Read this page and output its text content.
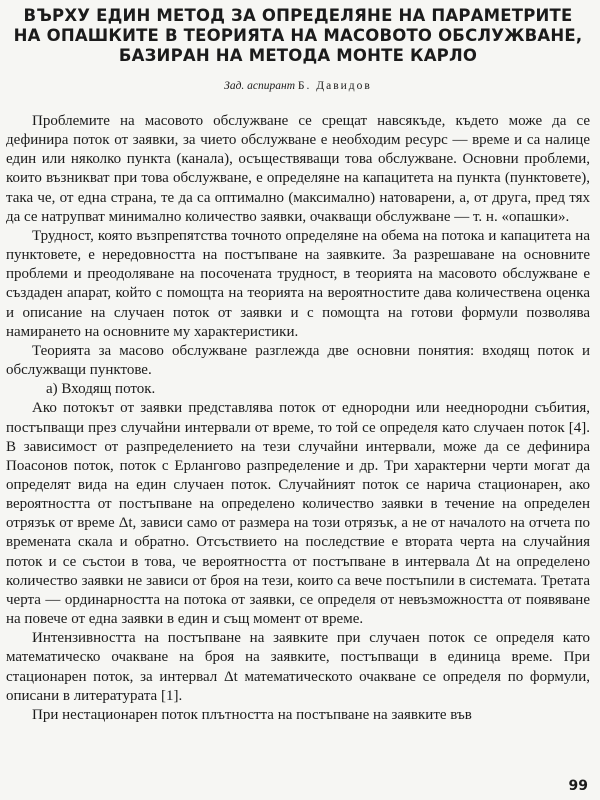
ВЪРХУ ЕДИН МЕТОД ЗА ОПРЕДЕЛЯНЕ НА ПАРАМЕТРИТЕ
НА ОПАШКИТЕ В ТЕОРИЯТА НА МАСОВОТО ОБСЛУЖВАНЕ,
БАЗИРАН НА МЕТОДА МОНТЕ КАРЛО
Зад. аспирант Б. Давидов

Проблемите на масовото обслужване се срещат навсякъде, където може да се дефинира поток от заявки, за чието обслужване е необходим ресурс — време и са налице един или няколко пункта (канала), осъществяващи това обслужване. Основни проблеми, които възникват при това обслужване, е определяне на капацитета на пункта (пунктовете), така че, от една страна, те да са оптимално (максимално) натоварени, а, от друга, пред тях да се натрупват минимално количество заявки, очакващи обслужване — т. н. «опашки».

Трудност, която възпрепятства точното определяне на обема на потока и капацитета на пунктовете, е нередовността на постъпване на заявките. За разрешаване на основните проблеми и преодоляване на посочената трудност, в теорията на масовото обслужване е създаден апарат, който с помощта на теорията на вероятностите дава количествена оценка и описание на случаен поток от заявки и с помощта на готови формули позволява намирането на основните му характеристики.

Теорията за масово обслужване разглежда две основни понятия: входящ поток и обслужващи пунктове.

а) Входящ поток.

Ако потокът от заявки представлява поток от еднородни или нееднородни събития, постъпващи през случайни интервали от време, то той се определя като случаен поток [4]. В зависимост от разпределението на тези случайни интервали, може да се дефинира Поасонов поток, поток с Ерлангово разпределение и др. Три характерни черти могат да определят вида на един случаен поток. Случайният поток се нарича стационарен, ако вероятността от постъпване на определено количество заявки в течение на определен отрязък от време Δt, зависи само от размера на този отрязък, а не от началото на отчета по времената скала и обратно. Отсъствието на последствие е втората черта на случайния поток и се състои в това, че вероятността от постъпване в интервала Δt на определено количество заявки не зависи от броя на тези, които са вече постъпили в системата. Третата черта — ординарността на потока от заявки, се определя от невъзможността от появяване на повече от една заявки в един и същ момент от време.

Интензивността на постъпване на заявките при случаен поток се определя като математическо очакване на броя на заявките, постъпващи в единица време. При стационарен поток, за интервал Δt математическото очакване се определя по формули, описани в литературата [1].

При нестационарен поток плътността на постъпване на заявките във

99
